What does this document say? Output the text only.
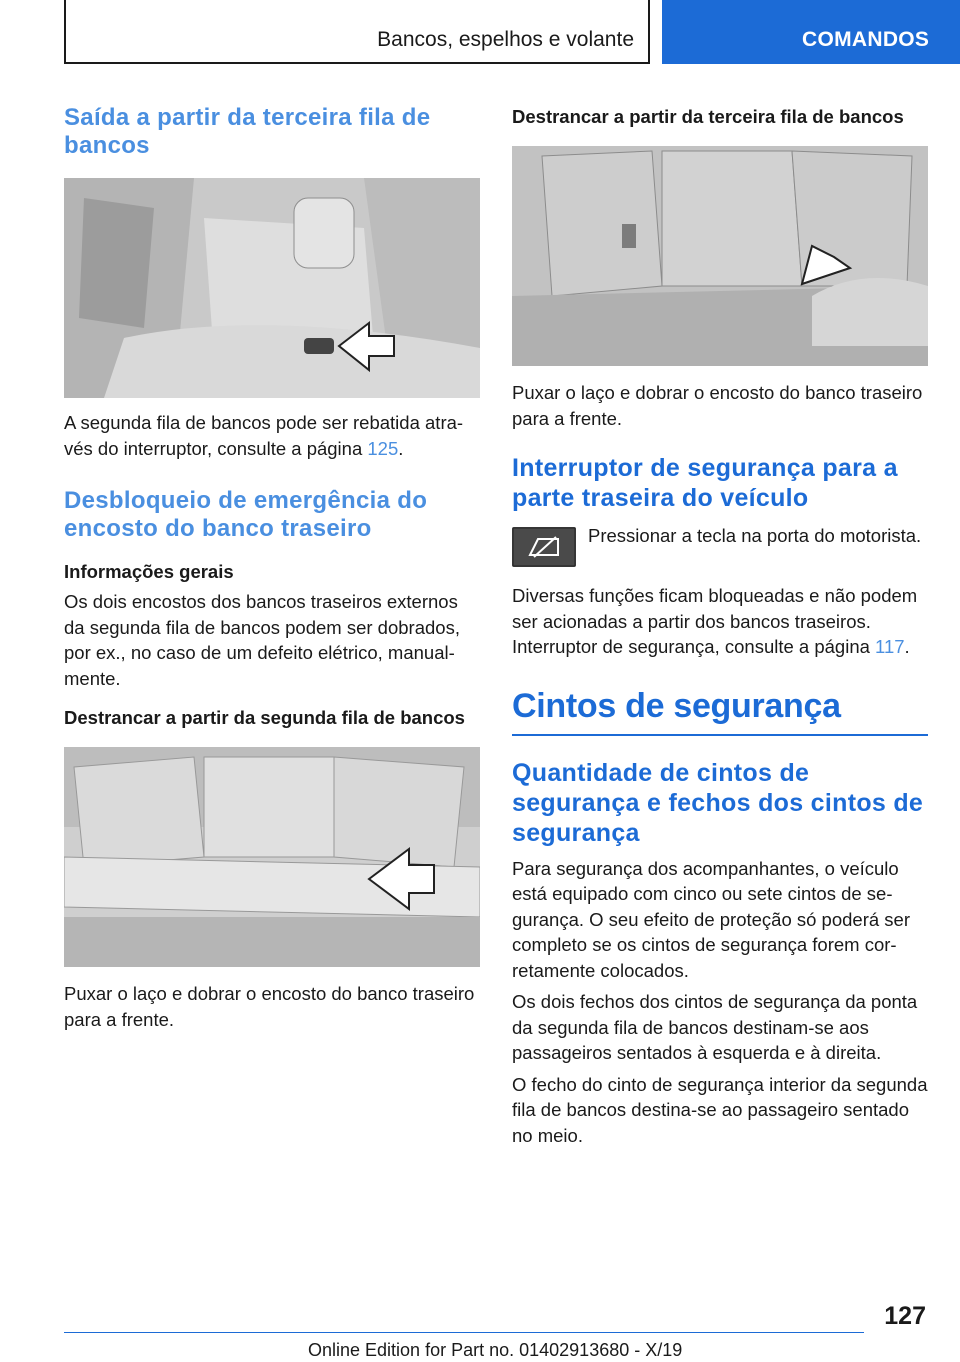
Bancos, espelhos e volante	COMANDOS
Saída a partir da terceira fila de bancos
A segunda fila de bancos pode ser rebatida através do interruptor, consulte a página 125.
Desbloqueio de emergência do encosto do banco traseiro
Informações gerais
Os dois encostos dos bancos traseiros externos da segunda fila de bancos podem ser dobrados, por ex., no caso de um defeito elétrico, manualmente.
Destrancar a partir da segunda fila de bancos
Puxar o laço e dobrar o encosto do banco traseiro para a frente.
Destrancar a partir da terceira fila de bancos
Puxar o laço e dobrar o encosto do banco traseiro para a frente.
Interruptor de segurança para a parte traseira do veículo
Pressionar a tecla na porta do motorista.
Diversas funções ficam bloqueadas e não podem ser acionadas a partir dos bancos traseiros. Interruptor de segurança, consulte a página 117.
Cintos de segurança
Quantidade de cintos de segurança e fechos dos cintos de segurança
Para segurança dos acompanhantes, o veículo está equipado com cinco ou sete cintos de segurança. O seu efeito de proteção só poderá ser completo se os cintos de segurança forem corretamente colocados.
Os dois fechos dos cintos de segurança da ponta da segunda fila de bancos destinam-se aos passageiros sentados à esquerda e à direita.
O fecho do cinto de segurança interior da segunda fila de bancos destina-se ao passageiro sentado no meio.
127
Online Edition for Part no. 01402913680 - X/19
